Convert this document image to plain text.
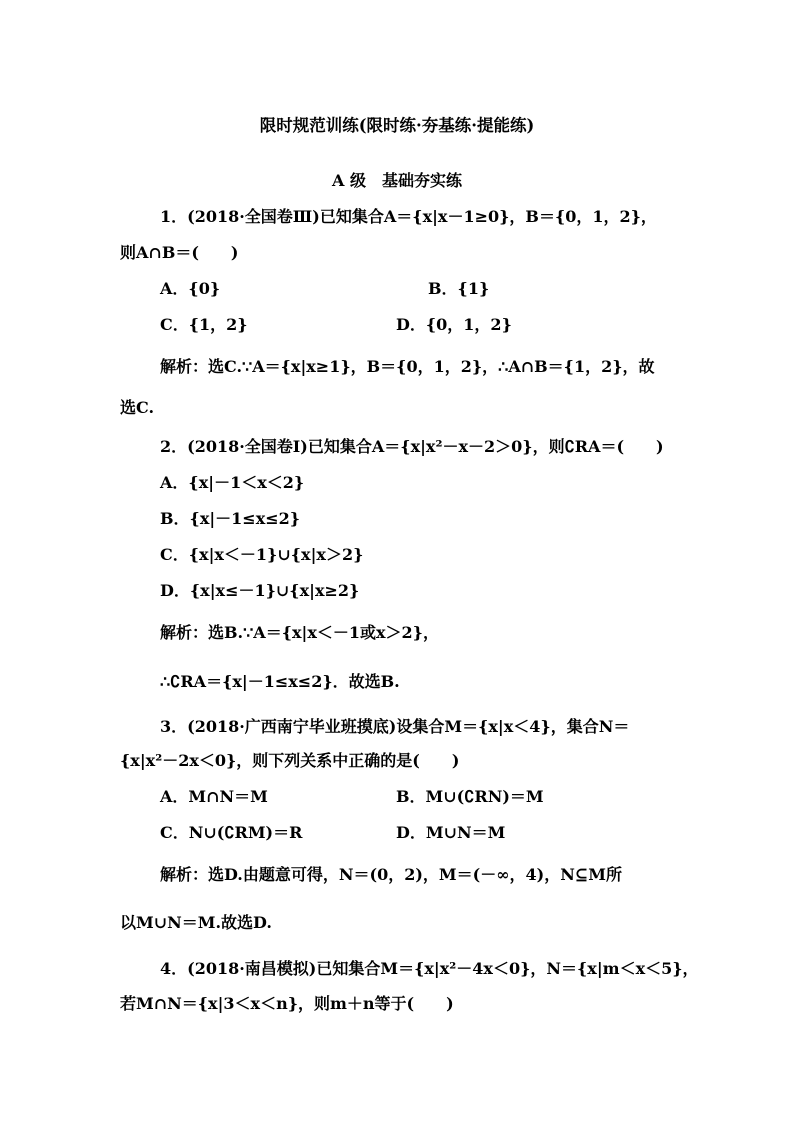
限时规范训练(限时练·夯基练·提能练)
A 级　基础夯实练
1．(2018·全国卷Ⅲ)已知集合A＝{x|x－1≥0}，B＝{0，1，2}，
则A∩B＝(　　)
A．{0}	B．{1}
C．{1，2}	D．{0，1，2}
解析：选C.∵A＝{x|x≥1}，B＝{0，1，2}，∴A∩B＝{1，2}，故
选C.
2．(2018·全国卷Ⅰ)已知集合A＝{x|x²－x－2＞0}，则∁RA＝(　　)
A．{x|－1＜x＜2}
B．{x|－1≤x≤2}
C．{x|x＜－1}∪{x|x＞2}
D．{x|x≤－1}∪{x|x≥2}
解析：选B.∵A＝{x|x＜－1或x＞2}，
∴∁RA＝{x|－1≤x≤2}．故选B.
3．(2018·广西南宁毕业班摸底)设集合M＝{x|x＜4}，集合N＝
{x|x²－2x＜0}，则下列关系中正确的是(　　)
A．M∩N＝M	B．M∪(∁RN)＝M
C．N∪(∁RM)＝R	D．M∪N＝M
解析：选D.由题意可得，N＝(0，2)，M＝(－∞，4)，N⊆M所
以M∪N＝M.故选D.
4．(2018·南昌模拟)已知集合M＝{x|x²－4x＜0}，N＝{x|m＜x＜5}，
若M∩N＝{x|3＜x＜n}，则m＋n等于(　　)
